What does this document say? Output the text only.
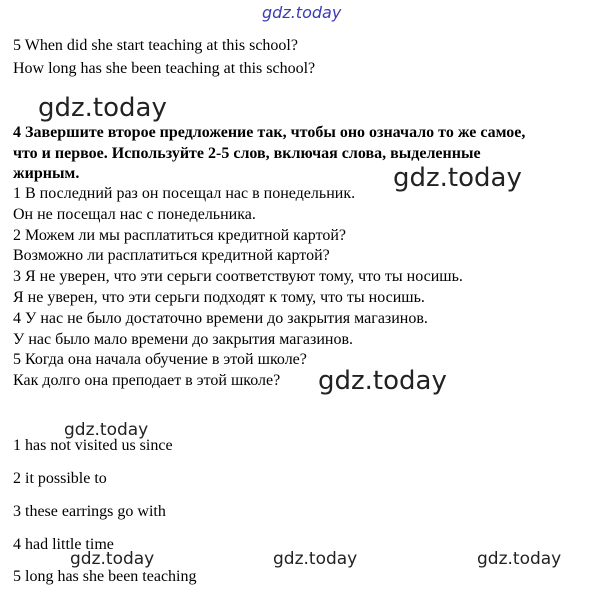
gdz.today
gdz.today
gdz.today
gdz.today
gdz.today
gdz.today	gdz.today	gdz.today
5 When did she start teaching at this school?
How long has she been teaching at this school?
4 Завершите второе предложение так, чтобы оно означало то же самое,
что и первое. Используйте 2-5 слов, включая слова, выделенные
жирным.
1 В последний раз он посещал нас в понедельник.
Он не посещал нас с понедельника.
2 Можем ли мы расплатиться кредитной картой?
Возможно ли расплатиться кредитной картой?
3 Я не уверен, что эти серьги соответствуют тому, что ты носишь.
Я не уверен, что эти серьги подходят к тому, что ты носишь.
4 У нас не было достаточно времени до закрытия магазинов.
У нас было мало времени до закрытия магазинов.
5 Когда она начала обучение в этой школе?
Как долго она преподает в этой школе?
1 has not visited us since
2 it possible to
3 these earrings go with
4 had little time
5 long has she been teaching
